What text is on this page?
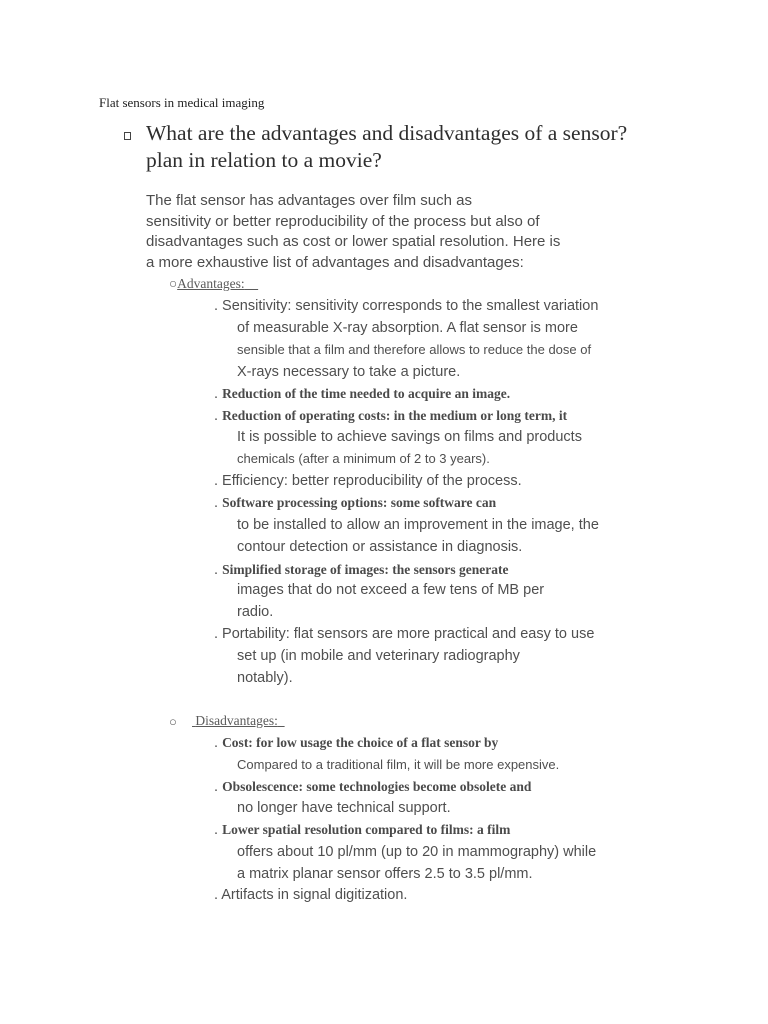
Flat sensors in medical imaging
What are the advantages and disadvantages of a sensor?
plan in relation to a movie?
The flat sensor has advantages over film such as
sensitivity or better reproducibility of the process but also of
disadvantages such as cost or lower spatial resolution. Here is
a more exhaustive list of advantages and disadvantages:
○Advantages:
. Sensitivity: sensitivity corresponds to the smallest variation
of measurable X-ray absorption. A flat sensor is more
sensible that a film and therefore allows to reduce the dose of
X-rays necessary to take a picture.
. Reduction of the time needed to acquire an image.
. Reduction of operating costs: in the medium or long term, it
It is possible to achieve savings on films and products
chemicals (after a minimum of 2 to 3 years).
. Efficiency: better reproducibility of the process.
. Software processing options: some software can
to be installed to allow an improvement in the image, the
contour detection or assistance in diagnosis.
. Simplified storage of images: the sensors generate
images that do not exceed a few tens of MB per
radio.
. Portability: flat sensors are more practical and easy to use
set up (in mobile and veterinary radiography
notably).
○ Disadvantages:
. Cost: for low usage the choice of a flat sensor by
Compared to a traditional film, it will be more expensive.
. Obsolescence: some technologies become obsolete and
no longer have technical support.
. Lower spatial resolution compared to films: a film
offers about 10 pl/mm (up to 20 in mammography) while
a matrix planar sensor offers 2.5 to 3.5 pl/mm.
. Artifacts in signal digitization.
